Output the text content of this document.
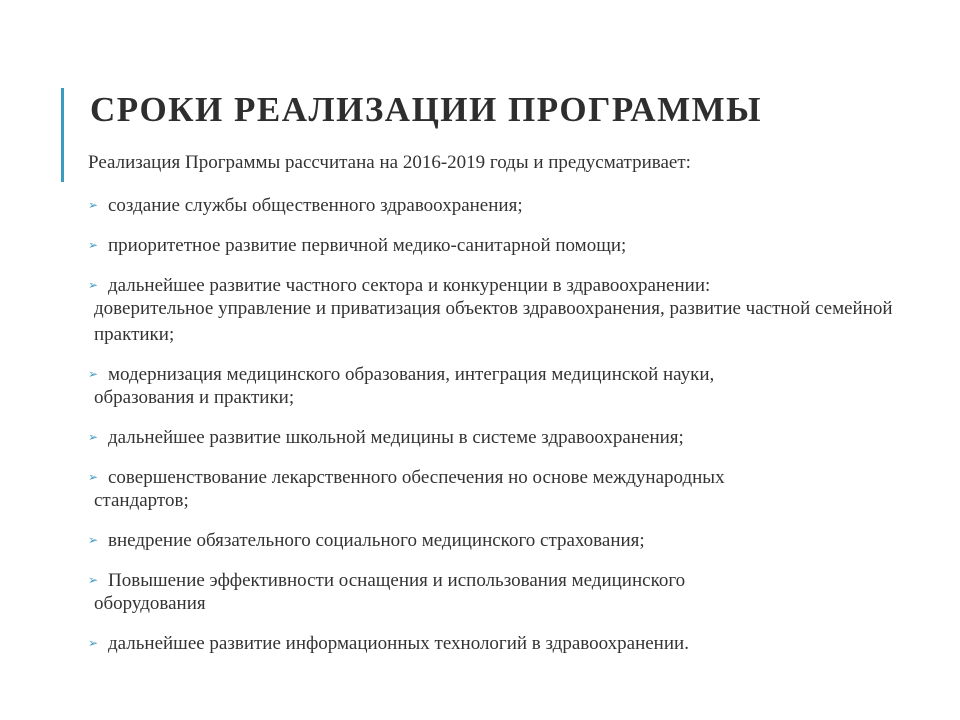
СРОКИ РЕАЛИЗАЦИИ ПРОГРАММЫ

Реализация Программы рассчитана на 2016-2019 годы и предусматривает:

➢ создание службы общественного здравоохранения;
➢ приоритетное развитие первичной медико-санитарной помощи;
➢ дальнейшее развитие частного сектора и конкуренции в здравоохранении:
доверительное управление и приватизация объектов здравоохранения, развитие частной семейной практики;
➢ модернизация медицинского образования, интеграция медицинской науки,
образования и практики;
➢ дальнейшее развитие школьной медицины в системе здравоохранения;
➢ совершенствование лекарственного обеспечения но основе международных
стандартов;
➢ внедрение обязательного социального медицинского страхования;
➢ Повышение эффективности оснащения и использования медицинского
оборудования
➢ дальнейшее развитие информационных технологий в здравоохранении.
